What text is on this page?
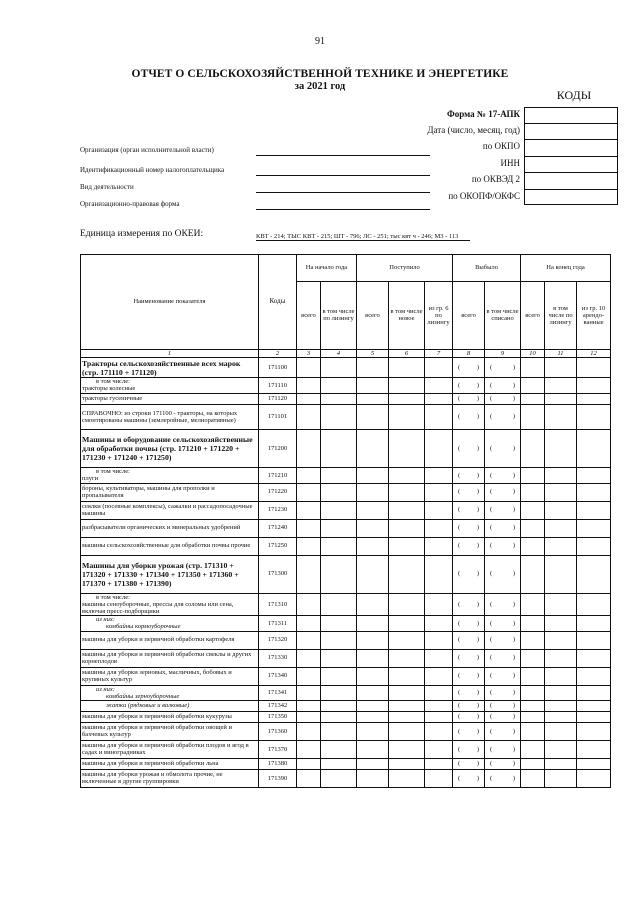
91
ОТЧЕТ О СЕЛЬСКОХОЗЯЙСТВЕННОЙ ТЕХНИКЕ И ЭНЕРГЕТИКЕ
за 2021 год
КОДЫ
Форма № 17-АПК
Дата (число, месяц, год)
по ОКПО
ИНН
по ОКВЭД 2
по ОКОПФ/ОКФС
Организация (орган исполнительной власти)
Идентификационный номер налогоплательщика
Вид деятельности
Организационно-правовая форма
Единица измерения по ОКЕИ:	КВТ - 214; ТЫС КВТ - 215; ШТ - 796; ЛС - 251; тыс квт ч - 246; М3 - 113
Наименование показателя	Коды	На начало года		Поступило			Выбыло		На конец года		
		всего	в том числе по лизингу	всего	в том числе новое	из гр. 6 по лизингу	всего	в том числе списано	всего	в том числе по лизингу	из гр. 10 арендо-ванные
1	2	3	4	5	6	7	8	9	10	11	12

Тракторы сельскохозяйственные всех марок (стр. 171110 + 171120)	171100						( )	( )			

в том числе:
тракторы колесные	171110						( )	( )			

тракторы гусеничные	171120						( )	( )			

СПРАВОЧНО: из строки 171100 - тракторы, на которых смонтированы машины (землеройные, мелиоративные)	171101						( )	( )			

Машины и оборудование сельскохозяйственные для обработки почвы (стр. 171210 + 171220 + 171230 + 171240 + 171250)	171200						( )	( )			

в том числе:
плуги	171210						( )	( )			

бороны, культиваторы, машины для прополки и пропалывателя	171220						( )	( )			

сеялки (посевные комплексы), сажалки и рассадопосадочные машины	171230						( )	( )			

разбрасыватели органических и минеральных удобрений	171240						( )	( )			

машины сельскохозяйственные для обработки почвы прочие	171250						( )	( )			

Машины для уборки урожая (стр. 171310 + 171320 + 171330 + 171340 + 171350 + 171360 + 171370 + 171380 + 171390)	171300						( )	( )			

в том числе:
машины сеноуборочные, прессы для соломы или сена, включая пресс-подборщики	171310						( )	( )			

из них:
комбайны кормоуборочные	171311						( )	( )			

машины для уборки и первичной обработки картофеля	171320						( )	( )			

машины для уборки и первичной обработки свеклы и других корнеплодов	171330						( )	( )			

машины для уборки зерновых, масличных, бобовых и крупяных культур	171340						( )	( )			

из них:
комбайны зерноуборочные	171341						( )	( )			

жатки (рядковые и валковые)	171342						( )	( )			

машины для уборки и первичной обработки кукурузы	171350						( )	( )			

машины для уборки и первичной обработки овощей и бахчевых культур	171360						( )	( )			

машины для уборки и первичной обработки плодов и ягод в садах и виноградниках	171370						( )	( )			

машины для уборки и первичной обработки льна	171380						( )	( )			

машины для уборки урожая и обмолота прочие, не включенные в другие группировки	171390						( )	( )			
